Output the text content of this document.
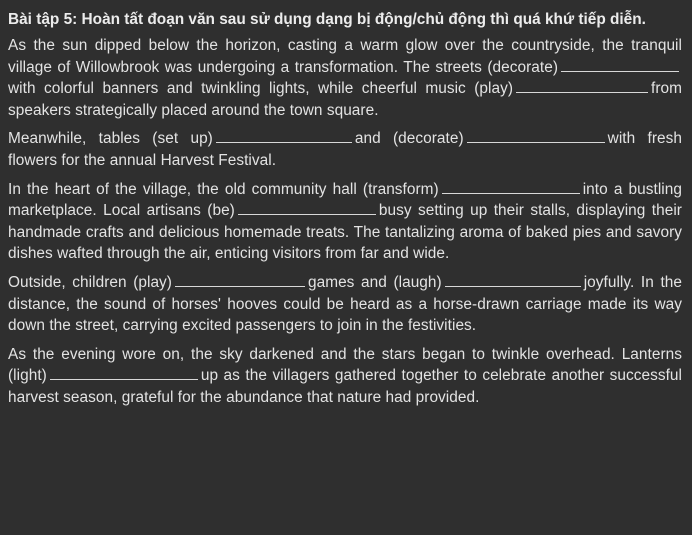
Bài tập 5: Hoàn tất đoạn văn sau sử dụng dạng bị động/chủ động thì quá khứ tiếp diễn.

As the sun dipped below the horizon, casting a warm glow over the countryside, the tranquil village of Willowbrook was undergoing a transformation. The streets (decorate)with colorful banners and twinkling lights, while cheerful music (play)	from speakers strategically placed around the town square.

Meanwhile, tables (set up)	and (decorate)	with fresh flowers for the annual Harvest Festival.

In the heart of the village, the old community hall (transform)	into a bustling marketplace. Local artisans (be)	busy setting up their stalls, displaying their handmade crafts and delicious homemade treats. The tantalizing aroma of baked pies and savory dishes wafted through the air, enticing visitors from far and wide.

Outside, children (play)	games and (laugh)	joyfully. In the distance, the sound of horses' hooves could be heard as a horse-drawn carriage made its way down the street, carrying excited passengers to join in the festivities.

As the evening wore on, the sky darkened and the stars began to twinkle overhead. Lanterns (light)	up as the villagers gathered together to celebrate another successful harvest season, grateful for the abundance that nature had provided.
